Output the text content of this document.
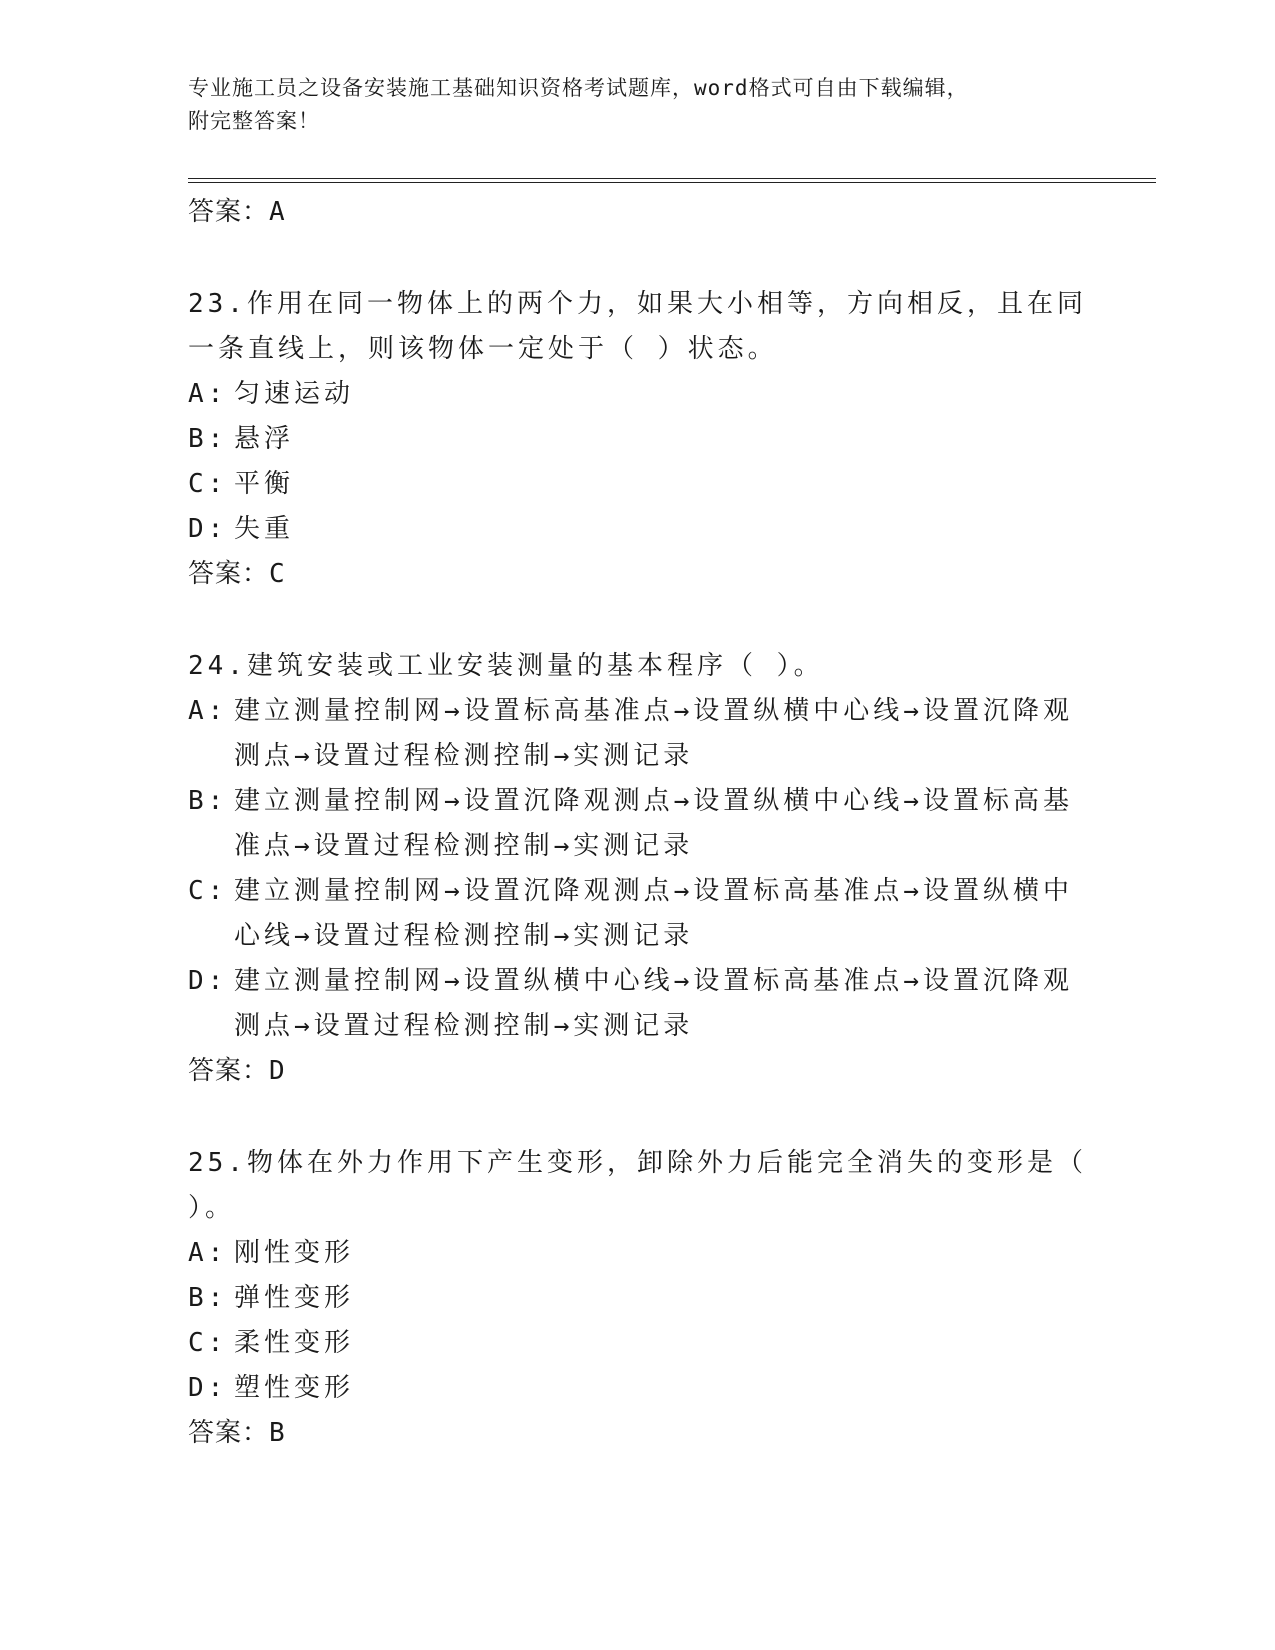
专业施工员之设备安装施工基础知识资格考试题库，word格式可自由下载编辑，
附完整答案！

答案：A

23.作用在同一物体上的两个力，如果大小相等，方向相反，且在同一条直线上，则该物体一定处于（ ）状态。

A: 匀速运动
B: 悬浮
C: 平衡
D: 失重

答案：C

24.建筑安装或工业安装测量的基本程序（ ）。

A: 建立测量控制网→设置标高基准点→设置纵横中心线→设置沉降观测点→设置过程检测控制→实测记录
B: 建立测量控制网→设置沉降观测点→设置纵横中心线→设置标高基准点→设置过程检测控制→实测记录
C: 建立测量控制网→设置沉降观测点→设置标高基准点→设置纵横中心线→设置过程检测控制→实测记录
D: 建立测量控制网→设置纵横中心线→设置标高基准点→设置沉降观测点→设置过程检测控制→实测记录

答案：D

25.物体在外力作用下产生变形，卸除外力后能完全消失的变形是（ ）。

A: 刚性变形
B: 弹性变形
C: 柔性变形
D: 塑性变形

答案：B
